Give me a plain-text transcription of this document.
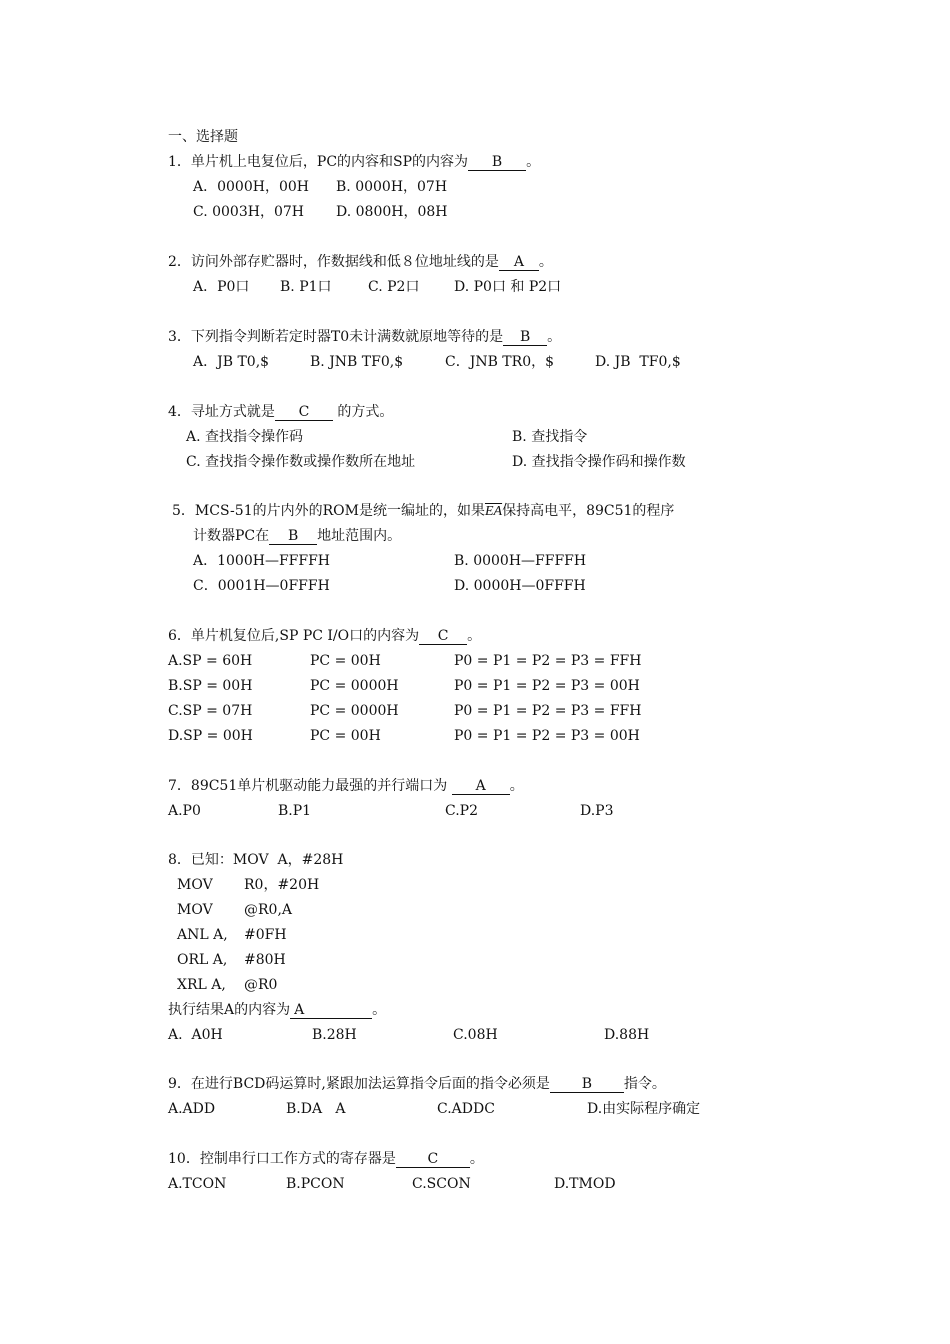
一、选择题
1．单片机上电复位后，PC的内容和SP的内容为 B 。
A．0000H，00H B. 0000H，07H
C. 0003H，07H D. 0800H，08H
2．访问外部存贮器时，作数据线和低８位地址线的是 A 。
A．P0口 B. P1口	C. P2口 D. P0口 和 P2口
3．下列指令判断若定时器T0未计满数就原地等待的是 B 。
A．JB T0,$	B. JNB TF0,$	C．JNB TR0，$	D. JB  TF0,$
4．寻址方式就是 C 的方式。
A. 查找指令操作码	B. 查找指令
C. 查找指令操作数或操作数所在地址	D. 查找指令操作码和操作数
5．MCS-51的片内外的ROM是统一编址的，如果$\overline{EA}$保持高电平，89C51的程序
计数器PC在 B 地址范围内。
A．1000H—FFFFH	B. 0000H—FFFFH
C．0001H—0FFFH	D. 0000H—0FFFH
6．单片机复位后,SP PC I/O口的内容为 C 。
A.SP = 60H	PC = 00H	P0 = P1 = P2 = P3 = FFH
B.SP = 00H	PC = 0000H	P0 = P1 = P2 = P3 = 00H
C.SP = 07H	PC = 0000H	P0 = P1 = P2 = P3 = FFH
D.SP = 00H	PC = 00H	P0 = P1 = P2 = P3 = 00H
7．89C51单片机驱动能力最强的并行端口为 A 。
A.P0	B.P1	C.P2	D.P3
8．已知：MOV  A，#28H
MOV R0，#20H
MOV @R0,A
ANL A, #0FH
ORL A, #80H
XRL A, @R0
执行结果A的内容为 A	。
A.  A0H	B.28H	C.08H	D.88H
9．在进行BCD码运算时,紧跟加法运算指令后面的指令必须是 B 指令。
A.ADD	B.DA   A	C.ADDC	D.由实际程序确定
10．控制串行口工作方式的寄存器是 C 。
A.TCON	B.PCON	C.SCON	D.TMOD
